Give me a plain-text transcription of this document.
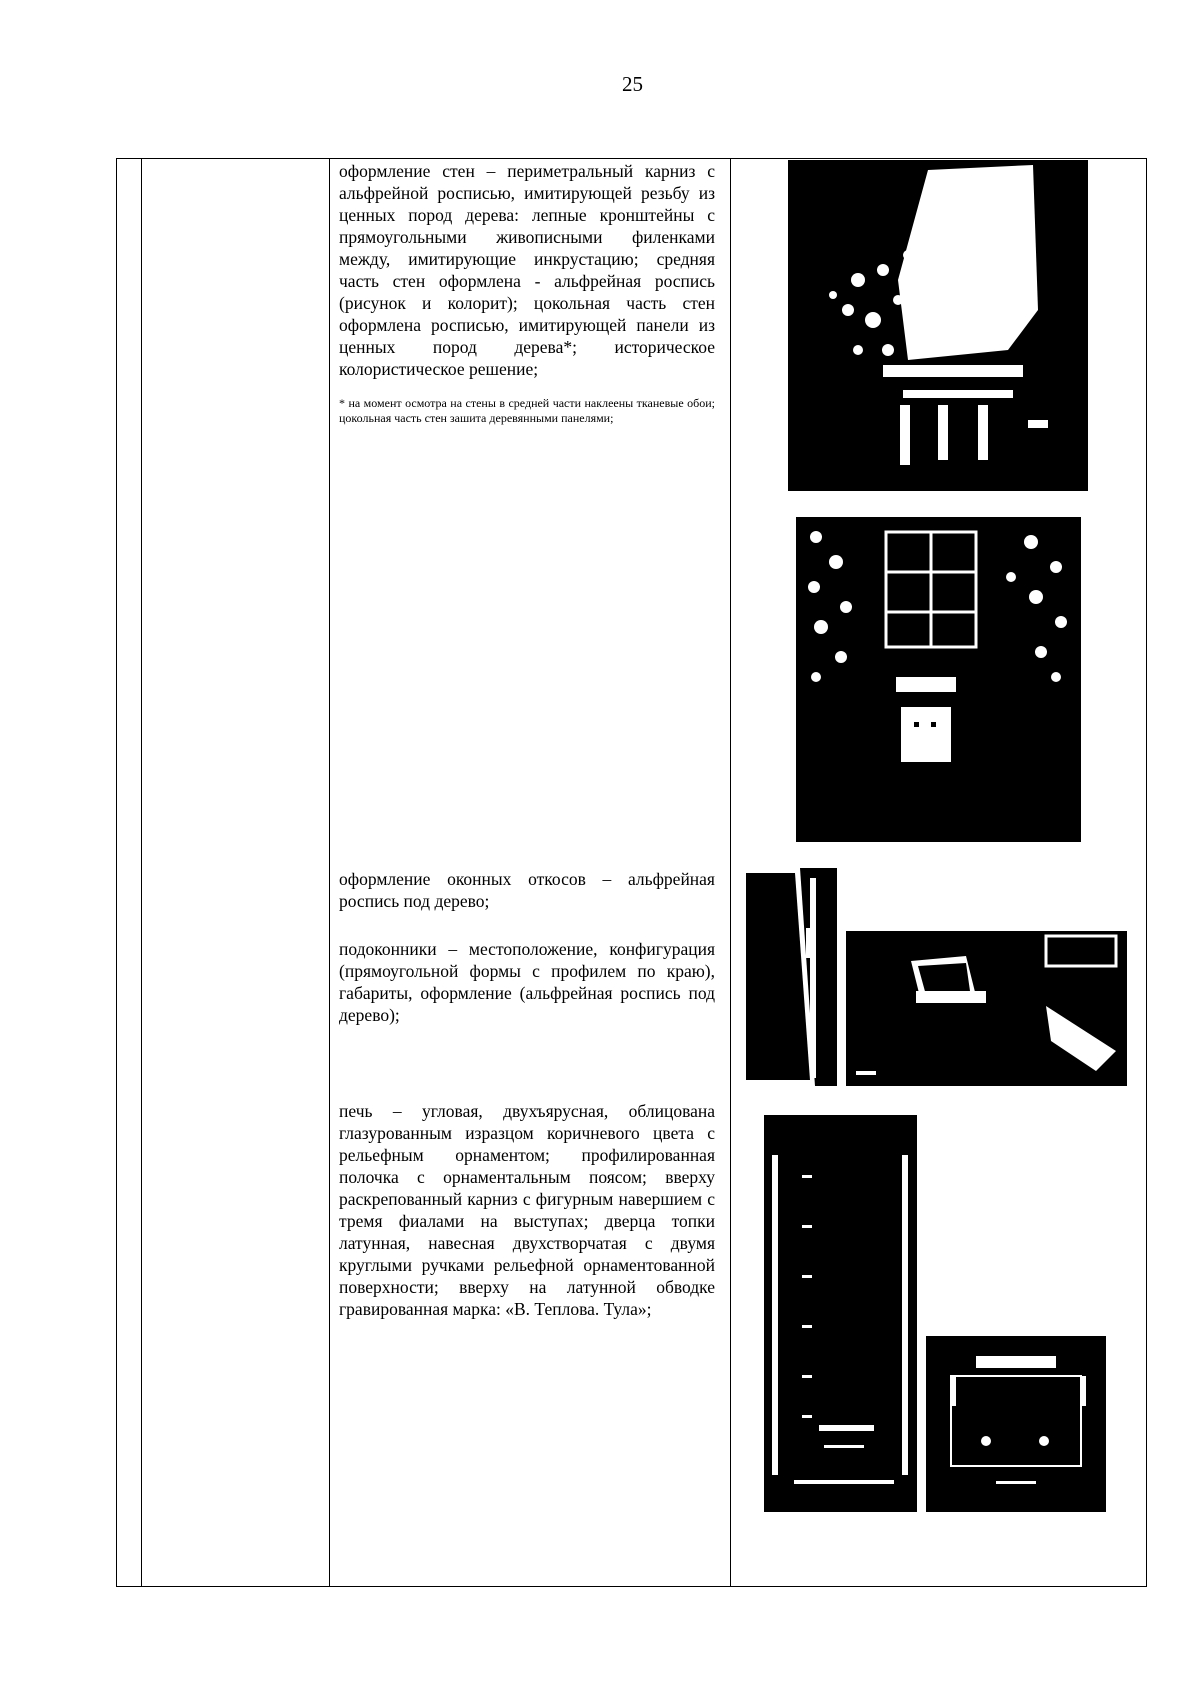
25

оформление стен – периметральный карниз с альфрейной росписью, имитирующей резьбу из ценных пород дерева: лепные кронштейны с прямоугольными живописными филенками между, имитирующие инкрустацию; средняя часть стен оформлена - альфрейная роспись (рисунок и колорит); цокольная часть стен оформлена росписью, имитирующей панели из ценных пород дерева*; историческое колористическое решение;

* на момент осмотра на стены в средней части наклеены тканевые обои; цокольная часть стен зашита деревянными панелями;

оформление оконных откосов – альфрейная роспись под дерево;

подоконники – местоположение, конфигурация (прямоугольной формы с профилем по краю), габариты, оформление (альфрейная роспись под дерево);

печь – угловая, двухъярусная, облицована глазурованным изразцом коричневого цвета с рельефным орнаментом; профилированная полочка с орнаментальным поясом; вверху раскрепованный карниз с фигурным навершием с тремя фиалами на выступах; дверца топки латунная, навесная двухстворчатая с двумя круглыми ручками рельефной орнаментованной поверхности; вверху на латунной обводке гравированная марка: «В. Теплова. Тула»;
